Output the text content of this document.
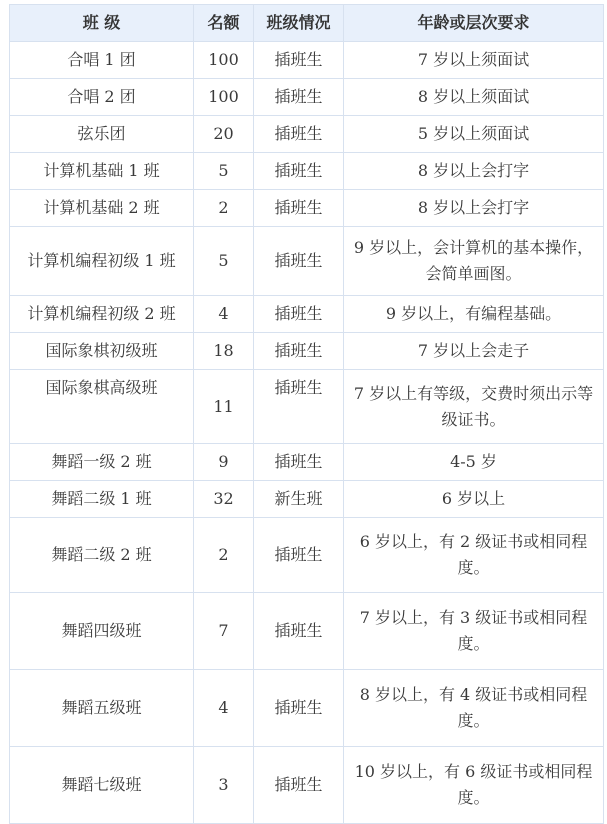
班 级	名额	班级情况	年龄或层次要求
合唱 1 团	100	插班生	7 岁以上须面试
合唱 2 团	100	插班生	8 岁以上须面试
弦乐团	20	插班生	5 岁以上须面试
计算机基础 1 班	5	插班生	8 岁以上会打字
计算机基础 2 班	2	插班生	8 岁以上会打字
计算机编程初级 1 班	5	插班生	9 岁以上，会计算机的基本操作，会简单画图。
计算机编程初级 2 班	4	插班生	9 岁以上，有编程基础。
国际象棋初级班	18	插班生	7 岁以上会走子
国际象棋高级班	11	插班生	7 岁以上有等级，交费时须出示等级证书。
舞蹈一级 2 班	9	插班生	4-5 岁
舞蹈二级 1 班	32	新生班	6 岁以上
舞蹈二级 2 班	2	插班生	6 岁以上，有 2 级证书或相同程度。
舞蹈四级班	7	插班生	7 岁以上，有 3 级证书或相同程度。
舞蹈五级班	4	插班生	8 岁以上，有 4 级证书或相同程度。
舞蹈七级班	3	插班生	10 岁以上，有 6 级证书或相同程度。
